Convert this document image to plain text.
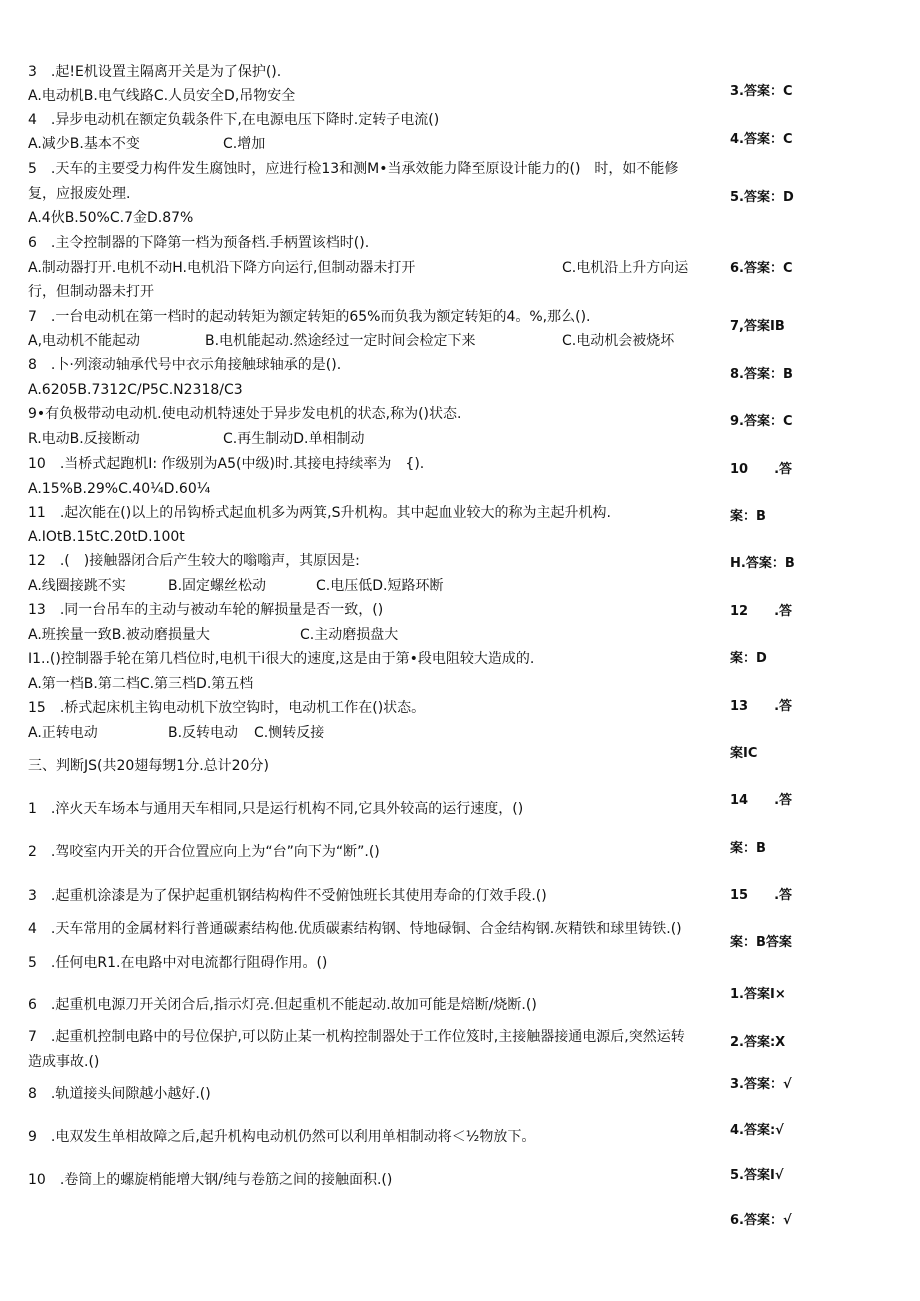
3　.起!E机设置主隔离开关是为了保护().
A.电动机B.电气线路C.人员安全D,吊物安全
4　.异步电动机在额定负载条件下,在电源电压下降时.定转子电流()
A.减少B.基本不变	C.增加
5　.天车的主要受力构件发生腐蚀时，应进行检13和测M•当承效能力降至原设计能力的()　时，如不能修
复，应报废处理.
A.4伙B.50%C.7金D.87%
6　.主令控制器的下降第一档为预备档.手柄置该档时().
A.制动器打开.电机不动H.电机沿下降方向运行,但制动器未打开	C.电机沿上升方向运
行，但制动器未打开
7　.一台电动机在第一档时的起动转矩为额定转矩的65%而负我为额定转矩的4。%,那么().
A,电动机不能起动	B.电机能起动.然途经过一定时间会检定下来	C.电动机会被烧坏
8　.卜·列滚动轴承代号中衣示角接触球轴承的是().
A.6205B.7312C/P5C.N2318/C3
9•有负极带动电动机.使电动机特速处于异步发电机的状态,称为()状态.
R.电动B.反接断动	C.再生制动D.单相制动
10　.当桥式起跑机I: 作级别为A5(中级)时.其接电持续率为　{).
A.15%B.29%C.40¼D.60¼
11　.起次能在()以上的吊钩桥式起血机多为两箕,S升机构。其中起血业较大的称为主起升机构.
A.IOtB.15tC.20tD.100t
12　.(　)接触器闭合后产生较大的嗡嗡声，其原因是:
A.线圈接跳不实	B.固定螺丝松动	C.电压低D.短路环断
13　.同一台吊车的主动与被动车轮的解损量是否一致，()
A.班挨量一致B.被动磨损量大	C.主动磨损盘大
I1..()控制器手轮在第几档位时,电机干i很大的速度,这是由于第•段电阻较大造成的.
A.第一档B.第二档C.第三档D.第五档
15　.桥式起床机主钩电动机下放空钩时，电动机工作在()状态。
A.正转电动	B.反转电动 C.恻转反接
三、判断JS(共20翅每甥1分.总计20分)
1　.淬火天车场本与通用天车相同,只是运行机构不同,它具外较高的运行速度，()
2　.驾咬室内开关的开合位置应向上为“台”向下为“断”.()
3　.起重机涂漆是为了保护起重机钢结构构件不受俯蚀班长其使用寿命的仃效手段.()
4　.天车常用的金属材料行普通碳素结构他.优质碳素结构钢、恃地碌铜、合金结构钢.灰精铁和球里铸铁.()
5　.任何电R1.在电路中对电流都行阻碍作用。()
6　.起重机电源刀开关闭合后,指示灯亮.但起重机不能起动.故加可能是焙断/烧断.()
7　.起重机控制电路中的号位保护,可以防止某一机构控制器处于工作位笈时,主接触器接通电源后,突然运转
造成事故.()
8　.轨道接头间隙越小越好.()
9　.电双发生单相故障之后,起升机构电动机仍然可以利用单相制动将＜½物放下。
10　.卷筒上的螺旋梢能增大钢/纯与卷筋之间的接触面积.()
3.答案：C
4.答案：C
5.答案：D
6.答案：C
7,答案IB
8.答案：B
9.答案：C
10　　.答
案：B
H.答案：B
12　　.答
案：D
13　　.答
案IC
14　　.答
案：B
15　　.答
案：B答案
1.答案I×
2.答案:X
3.答案：√
4.答案:√
5.答案I√
6.答案：√
